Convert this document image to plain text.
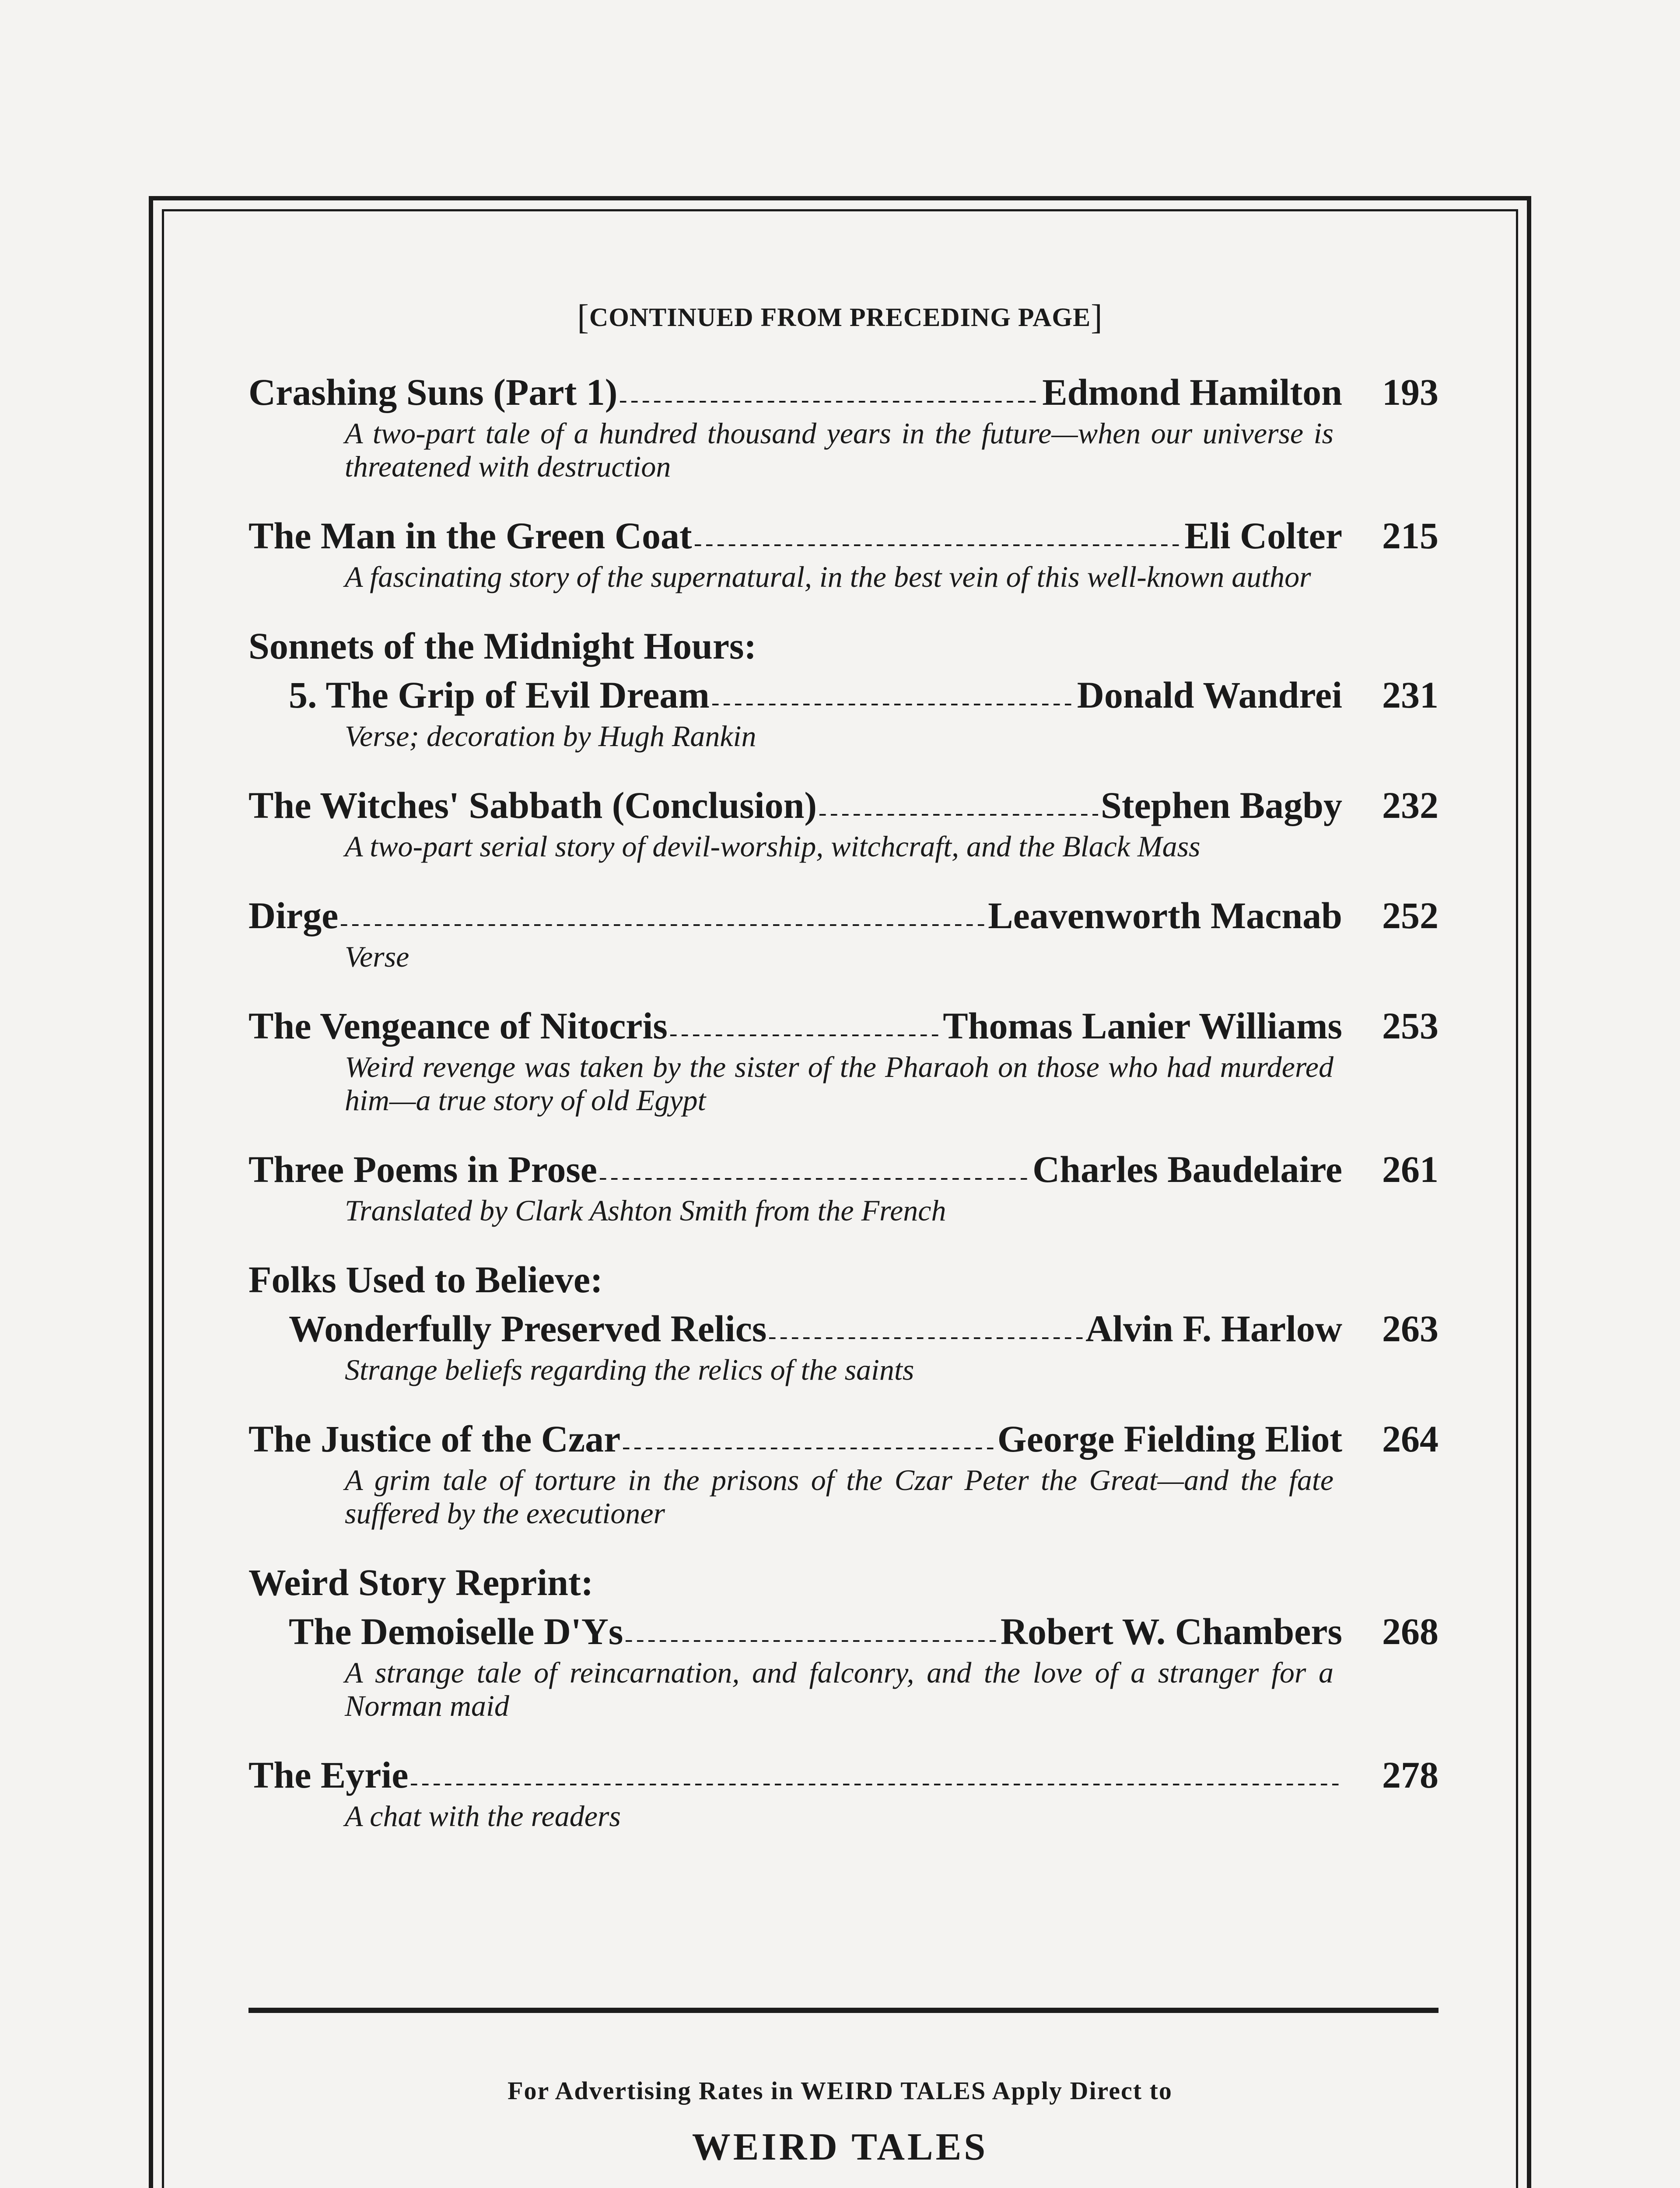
[CONTINUED FROM PRECEDING PAGE]
Crashing Suns (Part 1)	Edmond Hamilton	193
A two-part tale of a hundred thousand years in the future—when our universe is threatened with destruction
The Man in the Green Coat	Eli Colter	215
A fascinating story of the supernatural, in the best vein of this well-known author
Sonnets of the Midnight Hours:
5. The Grip of Evil Dream	Donald Wandrei	231
Verse; decoration by Hugh Rankin
The Witches' Sabbath (Conclusion)	Stephen Bagby	232
A two-part serial story of devil-worship, witchcraft, and the Black Mass
Dirge	Leavenworth Macnab	252
Verse
The Vengeance of Nitocris	Thomas Lanier Williams	253
Weird revenge was taken by the sister of the Pharaoh on those who had murdered him—a true story of old Egypt
Three Poems in Prose	Charles Baudelaire	261
Translated by Clark Ashton Smith from the French
Folks Used to Believe:
Wonderfully Preserved Relics	Alvin F. Harlow	263
Strange beliefs regarding the relics of the saints
The Justice of the Czar	George Fielding Eliot	264
A grim tale of torture in the prisons of the Czar Peter the Great—and the fate suffered by the executioner
Weird Story Reprint:
The Demoiselle D'Ys	Robert W. Chambers	268
A strange tale of reincarnation, and falconry, and the love of a stranger for a Norman maid
The Eyrie	278
A chat with the readers
For Advertising Rates in WEIRD TALES Apply Direct to
WEIRD TALES
